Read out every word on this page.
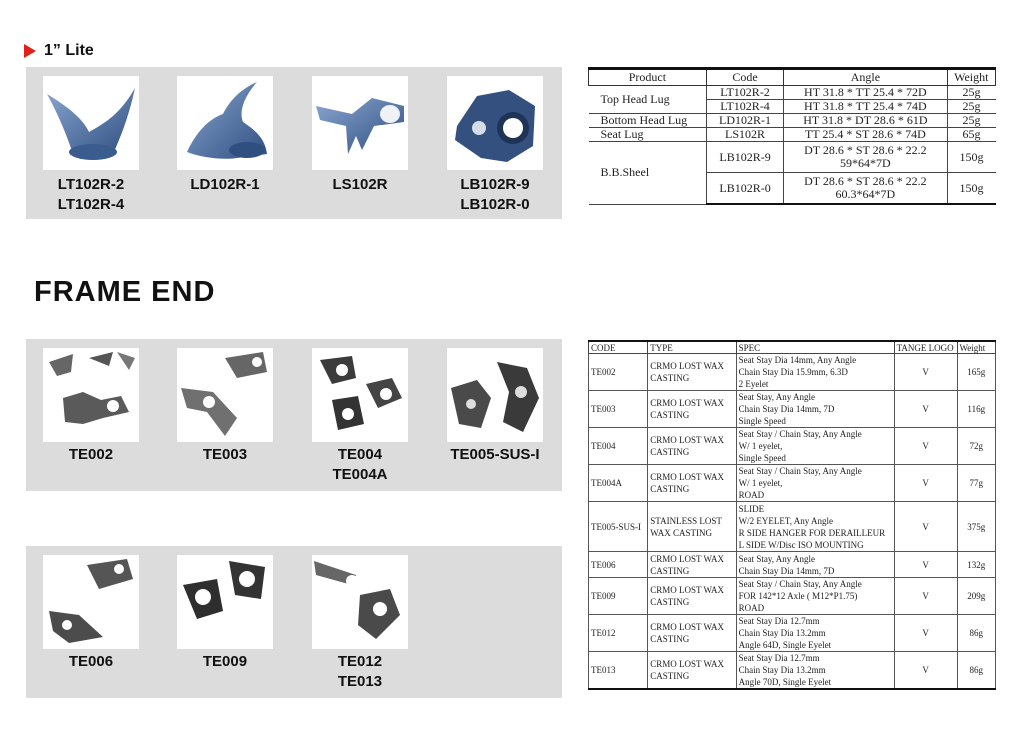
1” Lite
LT102R-2
LT102R-4
LD102R-1	LS102R	LB102R-9
LB102R-0
Product	Code	Angle	Weight
Top Head Lug	LT102R-2	HT 31.8 * TT 25.4 * 72D	25g
	LT102R-4	HT 31.8 * TT 25.4 * 74D	25g
Bottom Head Lug	LD102R-1	HT 31.8 * DT 28.6 * 61D	25g
Seat Lug	LS102R	TT 25.4 * ST 28.6 * 74D	65g
B.B.Sheel	LB102R-9	DT 28.6 * ST 28.6 * 22.2
59*64*7D	150g
	LB102R-0	DT 28.6 * ST 28.6 * 22.2
60.3*64*7D	150g
FRAME END
TE002	TE003	TE004
TE004A
TE005-SUS-I
TE006	TE009	TE012
TE013
CODE	TYPE	SPEC	TANGE LOGO	Weight
TE002	CRMO LOST WAX CASTING	Seat Stay Dia 14mm, Any Angle
Chain Stay Dia 15.9mm, 6.3D
2 Eyelet	V	165g
TE003	CRMO LOST WAX CASTING	Seat Stay, Any Angle
Chain Stay Dia 14mm, 7D
Single Speed	V	116g
TE004	CRMO LOST WAX CASTING	Seat Stay / Chain Stay, Any Angle
W/ 1 eyelet,
Single Speed	V	72g
TE004A	CRMO LOST WAX CASTING	Seat Stay / Chain Stay, Any Angle
W/ 1 eyelet,
ROAD	V	77g
TE005-SUS-I	STAINLESS LOST WAX CASTING	SLIDE
W/2 EYELET, Any Angle
R SIDE HANGER FOR DERAILLEUR
L SIDE W/Disc ISO MOUNTING	V	375g
TE006	CRMO LOST WAX CASTING	Seat Stay, Any Angle
Chain Stay Dia 14mm, 7D	V	132g
TE009	CRMO LOST WAX CASTING	Seat Stay / Chain Stay, Any Angle
FOR 142*12 Axle ( M12*P1.75)
ROAD	V	209g
TE012	CRMO LOST WAX CASTING	Seat Stay Dia 12.7mm
Chain Stay Dia 13.2mm
Angle 64D, Single Eyelet	V	86g
TE013	CRMO LOST WAX CASTING	Seat Stay Dia 12.7mm
Chain Stay Dia 13.2mm
Angle 70D, Single Eyelet	V	86g
